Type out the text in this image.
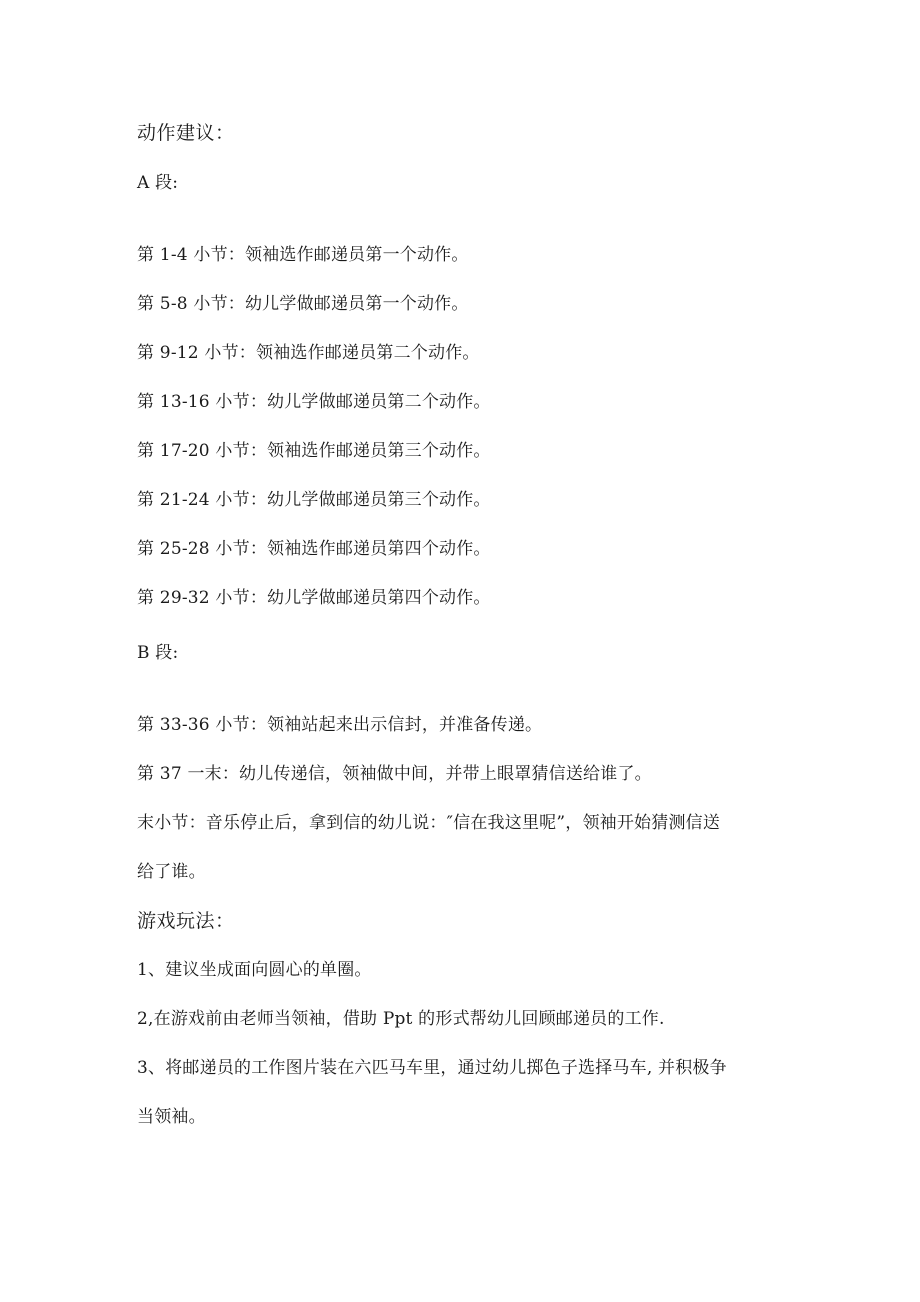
动作建议：
A 段:
第 1-4 小节：领袖选作邮递员第一个动作。
第 5-8 小节：幼儿学做邮递员第一个动作。
第 9-12 小节：领袖选作邮递员第二个动作。
第 13-16 小节：幼儿学做邮递员第二个动作。
第 17-20 小节：领袖选作邮递员第三个动作。
第 21-24 小节：幼儿学做邮递员第三个动作。
第 25-28 小节：领袖选作邮递员第四个动作。
第 29-32 小节：幼儿学做邮递员第四个动作。
B 段:
第 33-36 小节：领袖站起来出示信封，并准备传递。
第 37 一末：幼儿传递信，领袖做中间，并带上眼罩猜信送给谁了。
末小节：音乐停止后，拿到信的幼儿说：″信在我这里呢”，领袖开始猜测信送
给了谁。
游戏玩法：
1、建议坐成面向圆心的单圈。
2,在游戏前由老师当领袖，借助 Ppt 的形式帮幼儿回顾邮递员的工作.
3、将邮递员的工作图片装在六匹马车里，通过幼儿掷色子选择马车, 并积极争
当领袖。
